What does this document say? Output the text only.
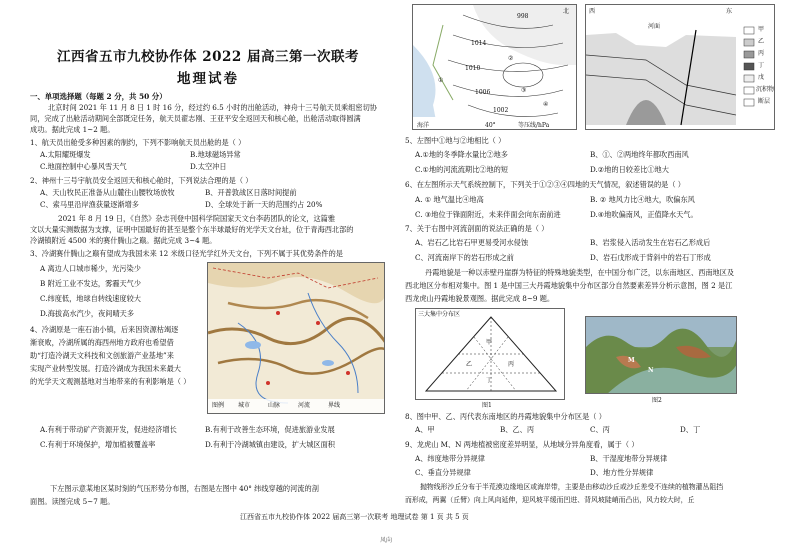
江西省五市九校协作体 2022 届高三第一次联考
地理试卷
一、单项选择题（每题 2 分，共 50 分）
北京时间 2021 年 11 月 8 日 1 时 16 分，经过约 6.5 小时的出舱活动，神舟十三号航天员乘组密切协
同，完成了出舱活动期间全部既定任务，航天员翟志刚、王亚平安全返回天和核心舱，出舱活动取得圆满
成功。据此完成 1~2 题。
1、航天员出舱受多种因素的制约，下列不影响航天员出舱的是（ ）
A.太阳耀斑爆发	B.地球磁场异常
C.地面控制中心暴风雪天气	D.太空冲日
2、神州十三号宇航员安全返回天和核心舱时，下列说法合理的是（ ）
A、天山牧民正准备从山麓往山腰牧场放牧	B、开普敦战区日落时间提前
C、索马里沿岸渔获量逐渐增多	D、全球处于新一天的范围约占 20%
2021 年 8 月 19 日，《自然》杂志刊登中国科学院国家天文台李菂团队的论文，这篇雅
文以大量实测数据为支撑，证明中国最好的甚至是整个东半球最好的光学天文台址，位于青海西北部的
冷湖镇附近 4500 米的赛什腾山之巅。据此完成 3~4 题。
3、冷湖赛什腾山之巅有望成为我国未来 12 米级口径光学红外天文台，下列不属于其优势条件的是
A 离边人口城市稀少，光污染少
B 附近工业不发达，雾霾天气少
C.纬度低，地球自转线速度较大
D.海拔高水汽少，夜间晴天多
图例 城市	山脉	河流	界线
4、冷湖原是一座石油小镇，后来因资源枯竭逐
渐衰败，冷湖所属的海西州地方政府也希望借
助“打造冷湖天文科技和文创旅游产业基地”来
实现产业转型发展。打造冷湖成为我国未来最大
的光学天文观测基地对当地带来的有利影响是（ ）
A.有利于带动矿产资源开发，促进经济增长	B.有利于改善生态环境，促进旅游业发展
C.有利于环境保护，增加植被覆盖率	D.有利于冷湖城镇由建设，扩大城区面积
下左图示意某地区某时刻的气压形势分布图，右图是左图中 40° 纬线穿越的河流的剖
面图。读图完成 5~7 题。
1014
1010
1006
1002
998
北
40°
海洋	等压线/hPa
①
②
③
④
西	东
河面	甲
乙
丙
丁
戊
沉积物
断层
5、左图中①地与②地相比（ ）
A.①地的冬季降水量比②地多	B、①、②两地终年都吹西南风
C.①地的河流流期比②地的短	D.②地的日较差比①地大
6、在左图所示天气系统控制下，下列关于①②③④四地的天气情况，叙述错误的是（ ）
A. ① 地气温比④地高	B. ② 地风力比④地大，吹偏东风
C. ③地位于锋面附近，未来伴面会向东南前进	D.④地吹偏南风，正值降水天气。
7、关于右图中河流剖面的说法正确的是（ ）
A、岩石乙比岩石甲更易受河水侵蚀	B、岩浆侵入活动发生在岩石乙形成后
C、河流南岸下的岩石形成之前	D、岩石戊形成于背斜中的岩石丁形成
丹霞地貌是一种以赤壁丹崖群为特征的特殊地貌类型，在中国分布广泛，以东南地区、西南地区及
西北地区分布相对集中。图 1 是中国三大丹霞地貌集中分布区部分自然要素差异分析示意图，图 2 是江
西龙虎山丹霞地貌景观图。据此完成 8~9 题。
三大集中分布区
甲
乙	丙
丁
图1
M
N
图2
8、图中甲、乙、丙代表东南地区的丹霞地貌集中分布区是（ ）
A、甲	B、乙、丙	C、丙	D、丁
9、龙虎山 M、N 两地植被密度差异明显，从地域分异角度看，属于（ ）
A、纬度地带分异规律	B、干湿度地带分异规律
C、垂直分异规律	D、地方性分异规律
抛物线形沙丘分布于半荒漠边缘地区或海岸带，主要是由移动沙丘或沙丘差受不连续的植物灌丛阻挡
而形成，两翼（丘臂）向上风向延伸，迎风坡平缓而凹进、背风坡陡峭而凸出，风力较大时，丘
江西省五市九校协作体 2022 届高三第一次联考 地理试卷 第 1 页 共 5 页
风向
